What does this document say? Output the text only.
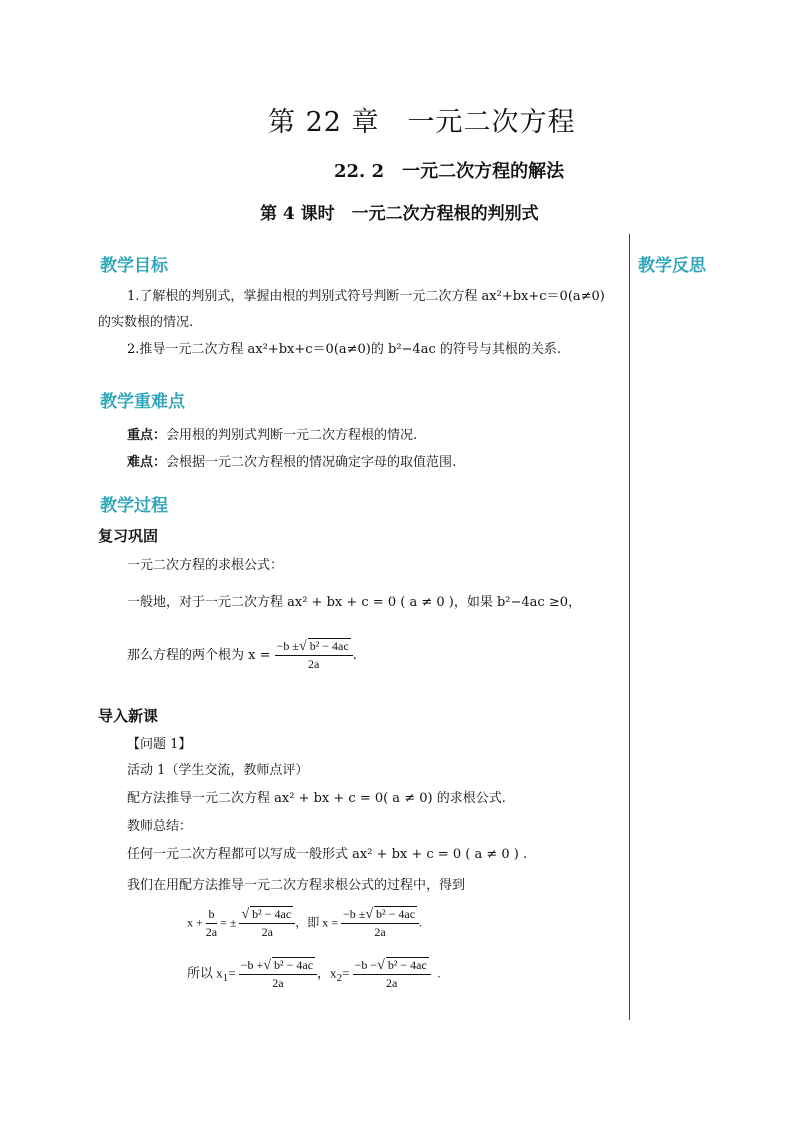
第 22 章　一元二次方程
22. 2　一元二次方程的解法
第 4 课时　一元二次方程根的判别式
教学反思
教学目标
1.了解根的判别式，掌握由根的判别式符号判断一元二次方程 ax²+bx+c＝0(a≠0)
的实数根的情况.
2.推导一元二次方程 ax²+bx+c＝0(a≠0)的 b²−4ac 的符号与其根的关系.
教学重难点
重点：会用根的判别式判断一元二次方程根的情况.
难点：会根据一元二次方程根的情况确定字母的取值范围.
教学过程
复习巩固
一元二次方程的求根公式：
一般地，对于一元二次方程 ax² + bx + c = 0 ( a ≠ 0 )，如果 b²−4ac ≥0，
那么方程的两个根为 $x = \frac{\text{−b ±√ b² − 4ac}}{2a}$ .
导入新课
【问题 1】
活动 1（学生交流，教师点评）
配方法推导一元二次方程 ax² + bx + c = 0( a ≠ 0) 的求根公式.
教师总结：
任何一元二次方程都可以写成一般形式 ax² + bx + c = 0 ( a ≠ 0 ) .
我们在用配方法推导一元二次方程求根公式的过程中，得到
$x + \frac{b}{2a}$ = ± $\frac{\text{√ b² − 4ac}}{2a}$ ，即 $x = \frac{\text{−b ±√ b² − 4ac}}{2a}$ .
所以 $x_1= \frac{\text{−b +√ b² − 4ac}}{2a}$ ，$x_2= \frac{\text{−b −√ b² − 4ac}}{2a}$ .
